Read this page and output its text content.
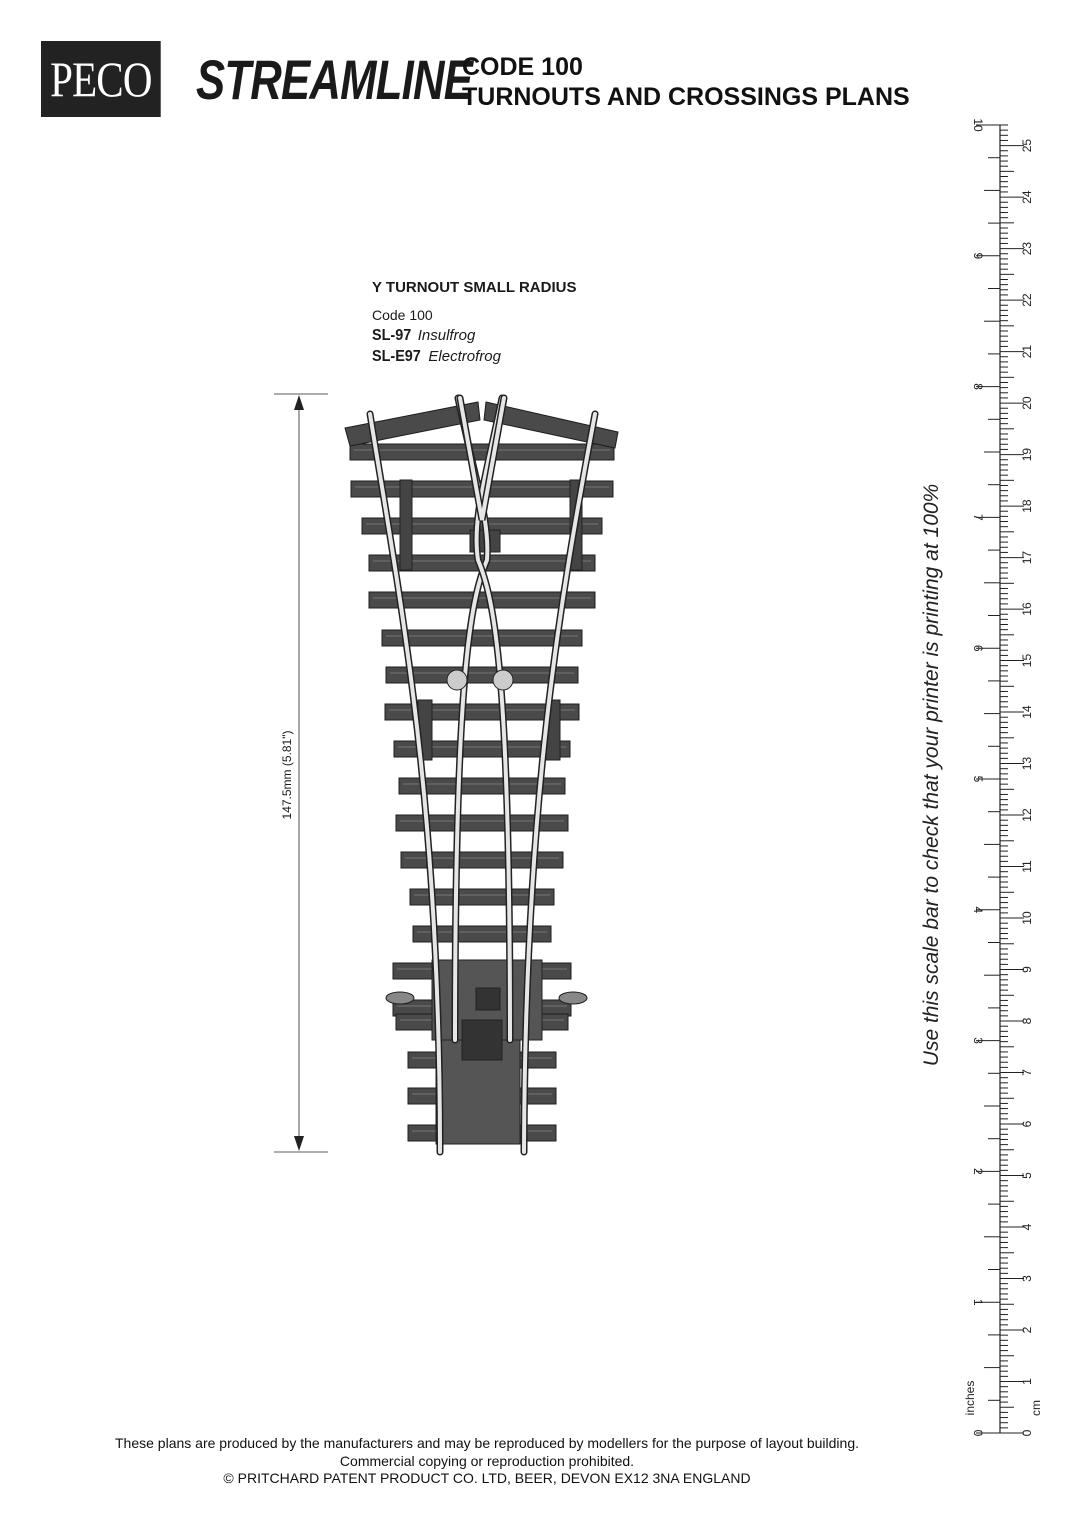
PECO STREAMLINE
CODE 100
TURNOUTS AND CROSSINGS PLANS
Y TURNOUT SMALL RADIUS
Code 100
SL-97 Insulfrog
SL-E97 Electrofrog
147.5mm (5.81")
0
1
2
3
4
5
6
7
8
9
10
inches
0
1
2
3
4
5
6
7
8
9
10
11
12
13
14
15
16
17
18
19
20
21
22
23
24
25
cm
Use this scale bar to check that your printer is printing at 100%
These plans are produced by the manufacturers and may be reproduced by modellers for the purpose of layout building.
Commercial copying or reproduction prohibited.
© PRITCHARD PATENT PRODUCT CO. LTD, BEER, DEVON EX12 3NA ENGLAND
